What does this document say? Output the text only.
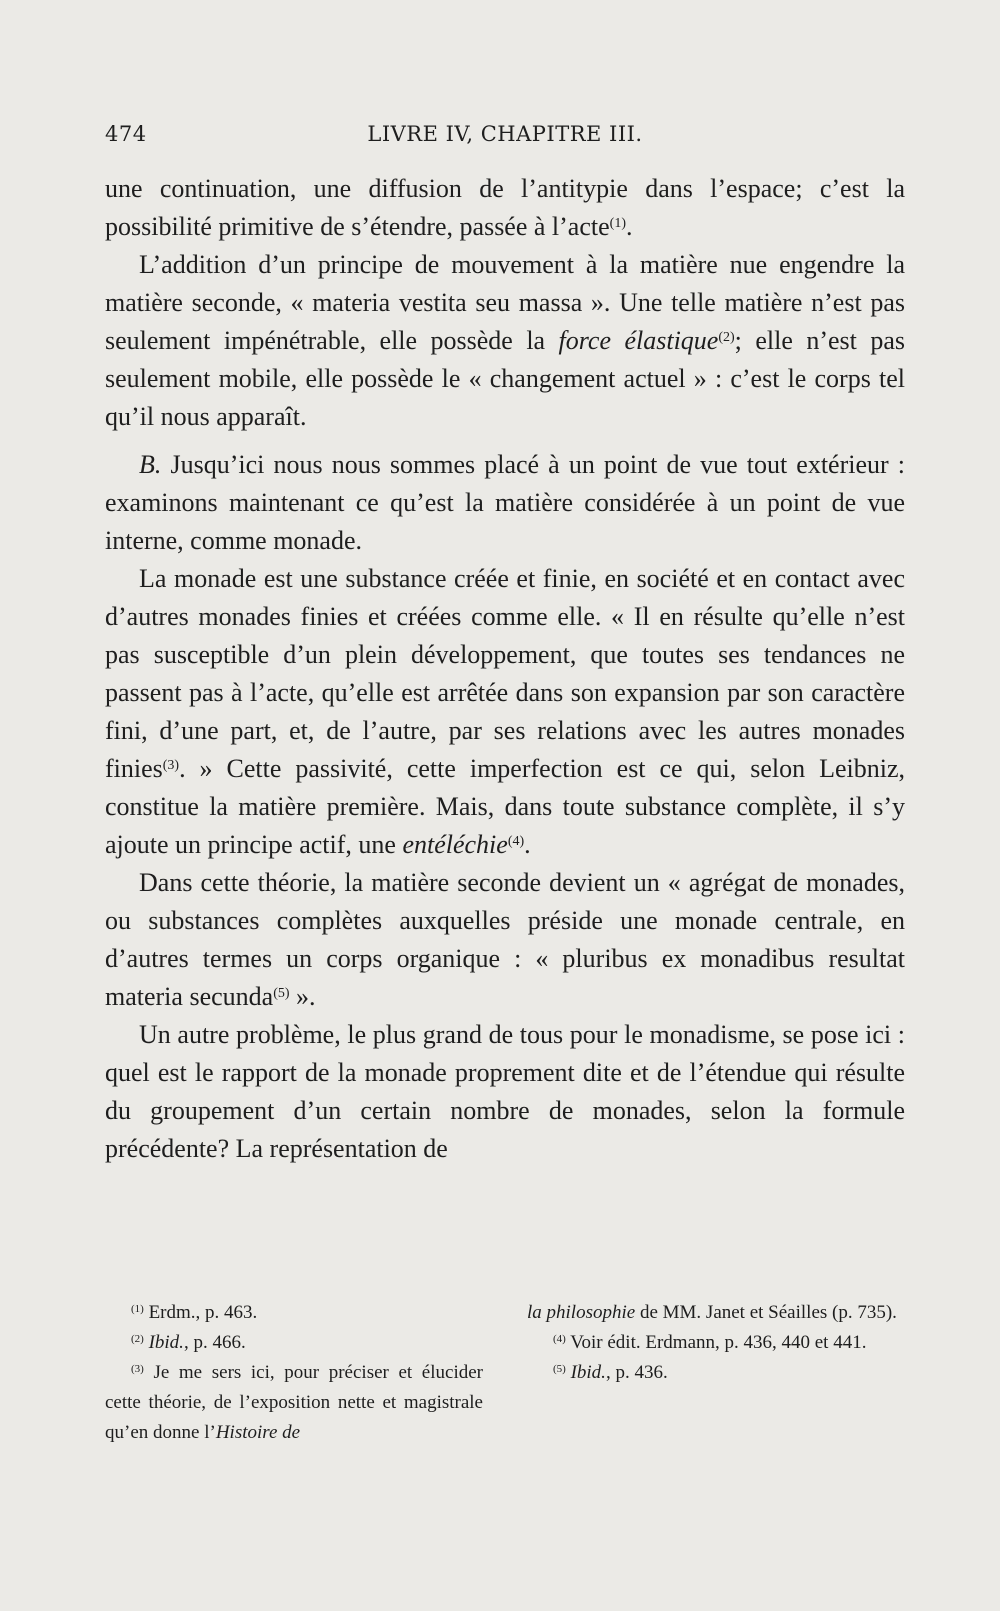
474	LIVRE IV, CHAPITRE III.

une continuation, une diffusion de l’antitypie dans l’espace; c’est la possibilité primitive de s’étendre, passée à l’acte$^{(1)}$.

L’addition d’un principe de mouvement à la matière nue engendre la matière seconde, « materia vestita seu massa ». Une telle matière n’est pas seulement impénétrable, elle possède la force élastique$^{(2)}$; elle n’est pas seulement mobile, elle possède le « changement actuel » : c’est le corps tel qu’il nous apparaît.

B. Jusqu’ici nous nous sommes placé à un point de vue tout extérieur : examinons maintenant ce qu’est la matière considérée à un point de vue interne, comme monade.

La monade est une substance créée et finie, en société et en contact avec d’autres monades finies et créées comme elle. « Il en résulte qu’elle n’est pas susceptible d’un plein développement, que toutes ses tendances ne passent pas à l’acte, qu’elle est arrêtée dans son expansion par son caractère fini, d’une part, et, de l’autre, par ses relations avec les autres monades finies$^{(3)}$. » Cette passivité, cette imperfection est ce qui, selon Leibniz, constitue la matière première. Mais, dans toute substance complète, il s’y ajoute un principe actif, une entéléchie$^{(4)}$.

Dans cette théorie, la matière seconde devient un « agrégat de monades, ou substances complètes auxquelles préside une monade centrale, en d’autres termes un corps organique : « pluribus ex monadibus resultat materia secunda$^{(5)}$ ».

Un autre problème, le plus grand de tous pour le monadisme, se pose ici : quel est le rapport de la monade proprement dite et de l’étendue qui résulte du groupement d’un certain nombre de monades, selon la formule précédente? La représentation de

$^{(1)}$ Erdm., p. 463.

$^{(2)}$ Ibid., p. 466.

$^{(3)}$ Je me sers ici, pour préciser et élucider cette théorie, de l’exposition nette et magistrale qu’en donne l’Histoire de

la philosophie de MM. Janet et Séailles (p. 735).

$^{(4)}$ Voir édit. Erdmann, p. 436, 440 et 441.

$^{(5)}$ Ibid., p. 436.
